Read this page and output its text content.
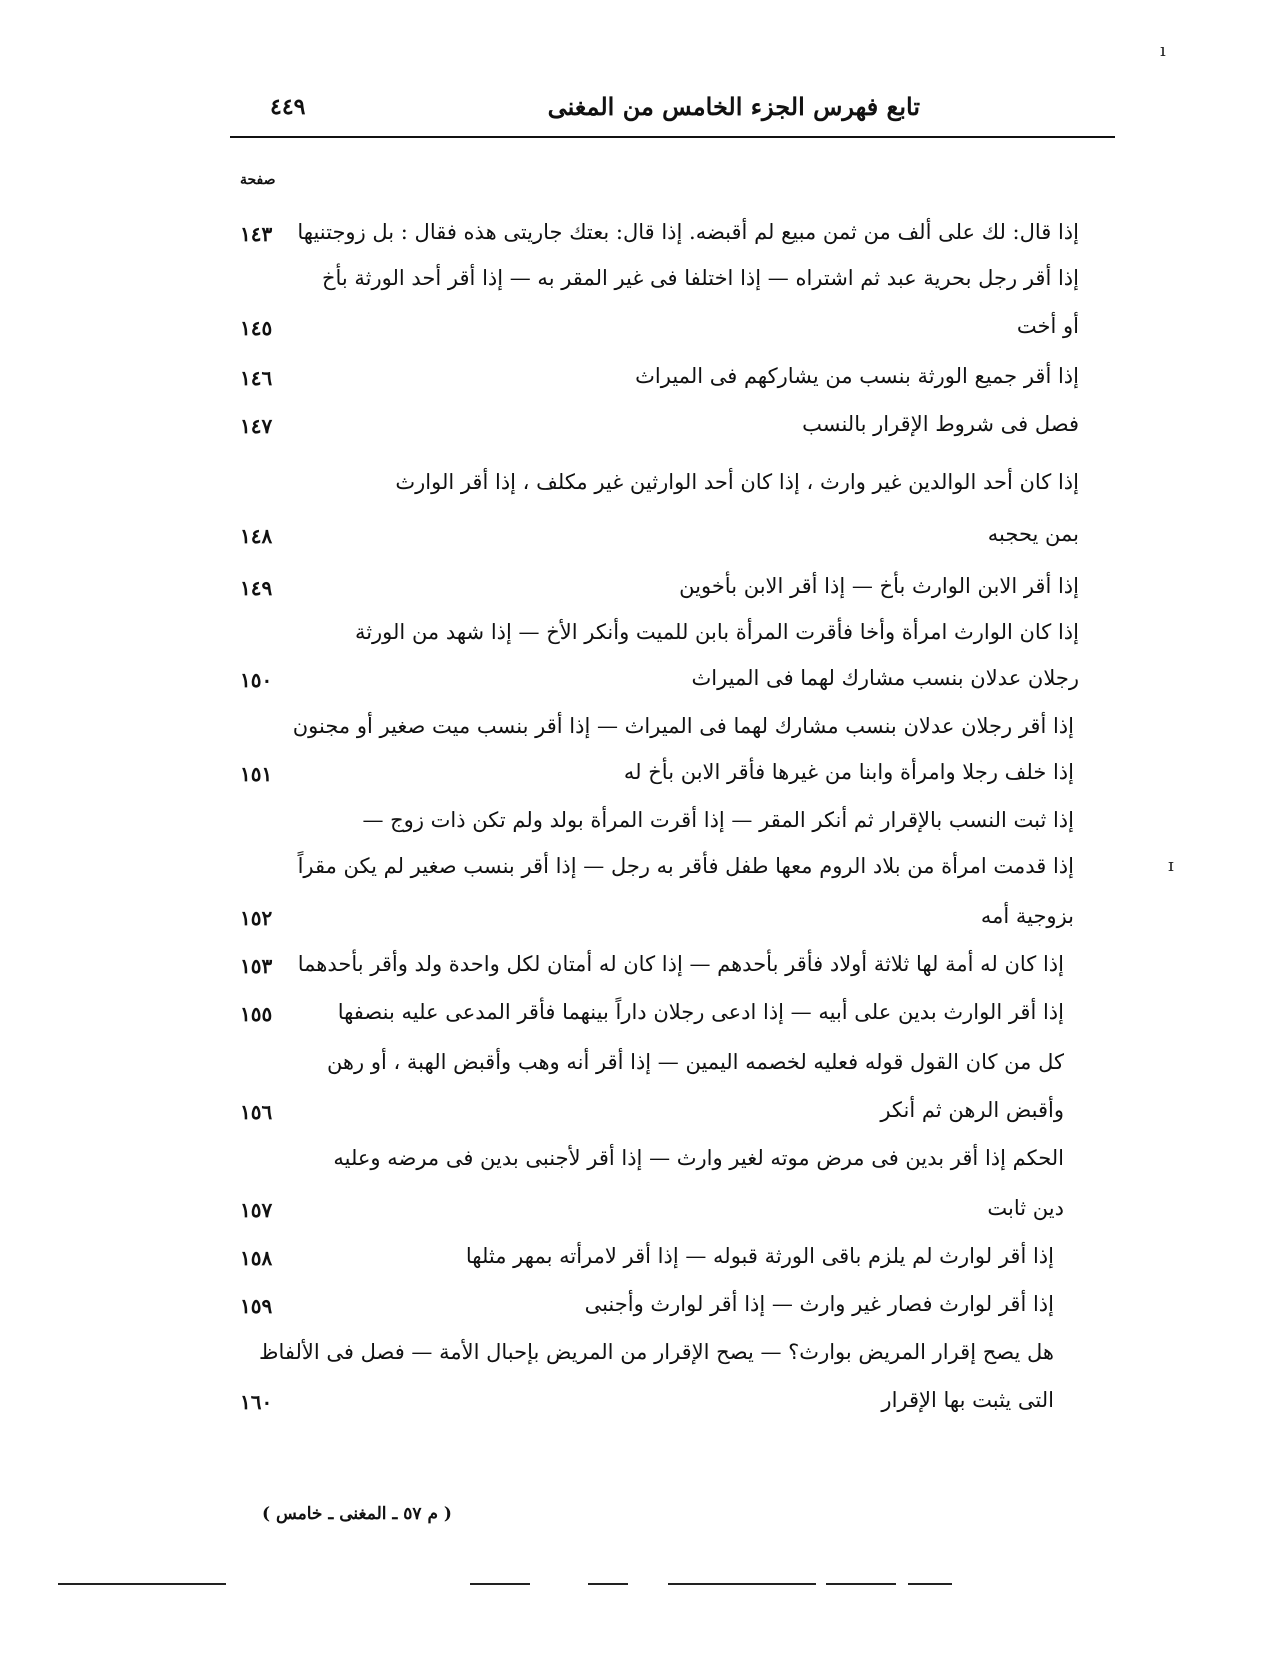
تابع فهرس الجزء الخامس من المغنى
٤٤٩
صفحة
إذا قال: لك على ألف من ثمن مبيع لم أقبضه. إذا قال: بعتك جاريتى هذه فقال : بل زوجتنيها
١٤٣
إذا أقر رجل بحرية عبد ثم اشتراه — إذا اختلفا فى غير المقر به — إذا أقر أحد الورثة بأخ
أو أخت
١٤٥
إذا أقر جميع الورثة بنسب من يشاركهم فى الميراث
١٤٦
فصل فى شروط الإقرار بالنسب
١٤٧
إذا كان أحد الوالدين غير وارث ، إذا كان أحد الوارثين غير مكلف ، إذا أقر الوارث
بمن يحجبه
١٤٨
إذا أقر الابن الوارث بأخ — إذا أقر الابن بأخوين
١٤٩
إذا كان الوارث امرأة وأخا فأقرت المرأة بابن للميت وأنكر الأخ — إذا شهد من الورثة
رجلان عدلان بنسب مشارك لهما فى الميراث
١٥٠
إذا أقر رجلان عدلان بنسب مشارك لهما فى الميراث — إذا أقر بنسب ميت صغير أو مجنون
إذا خلف رجلا وامرأة وابنا من غيرها فأقر الابن بأخ له
١٥١
إذا ثبت النسب بالإقرار ثم أنكر المقر — إذا أقرت المرأة بولد ولم تكن ذات زوج —
إذا قدمت امرأة من بلاد الروم معها طفل فأقر به رجل — إذا أقر بنسب صغير لم يكن مقراً
بزوجية أمه
١٥٢
إذا كان له أمة لها ثلاثة أولاد فأقر بأحدهم — إذا كان له أمتان لكل واحدة ولد وأقر بأحدهما
١٥٣
إذا أقر الوارث بدين على أبيه — إذا ادعى رجلان داراً بينهما فأقر المدعى عليه بنصفها
١٥٥
كل من كان القول قوله فعليه لخصمه اليمين — إذا أقر أنه وهب وأقبض الهبة ، أو رهن
وأقبض الرهن ثم أنكر
١٥٦
الحكم إذا أقر بدين فى مرض موته لغير وارث — إذا أقر لأجنبى بدين فى مرضه وعليه
دين ثابت
١٥٧
إذا أقر لوارث لم يلزم باقى الورثة قبوله — إذا أقر لامرأته بمهر مثلها
١٥٨
إذا أقر لوارث فصار غير وارث — إذا أقر لوارث وأجنبى
١٥٩
هل يصح إقرار المريض بوارث؟ — يصح الإقرار من المريض بإحبال الأمة — فصل فى الألفاظ
التى يثبت بها الإقرار
١٦٠
( م ٥٧ ـ المغنى ـ خامس )
ı
ɪ
